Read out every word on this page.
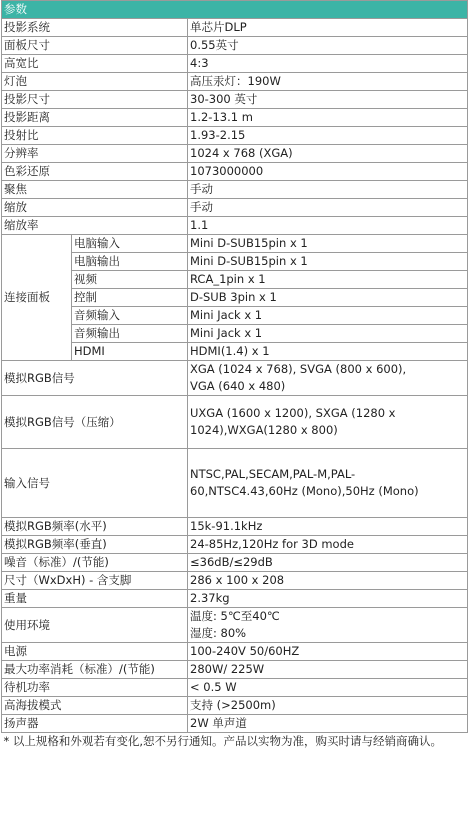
参数		
投影系统		单芯片DLP
面板尺寸		0.55英寸
高宽比		4:3
灯泡		高压汞灯：190W
投影尺寸		30-300 英寸
投影距离		1.2-13.1 m
投射比		1.93-2.15
分辨率		1024 x 768 (XGA)
色彩还原		1073000000
聚焦		手动
缩放		手动
缩放率		1.1
连接面板	电脑输入	Mini D-SUB15pin x 1
	电脑输出	Mini D-SUB15pin x 1
	视频	RCA_1pin x 1
	控制	D-SUB 3pin x 1
	音频输入	Mini Jack x 1
	音频输出	Mini Jack x 1
	HDMI	HDMI(1.4) x 1
模拟RGB信号		XGA (1024 x 768), SVGA (800 x 600),
VGA (640 x 480)

模拟RGB信号（压缩）		UXGA (1600 x 1200), SXGA (1280 x
1024),WXGA(1280 x 800)

输入信号		NTSC,PAL,SECAM,PAL-M,PAL-
60,NTSC4.43,60Hz (Mono),50Hz (Mono)

模拟RGB频率(水平)		15k-91.1kHz
模拟RGB频率(垂直)		24-85Hz,120Hz for 3D mode
噪音（标准）/(节能)		≤36dB/≤29dB
尺寸（WxDxH) - 含支脚		286 x 100 x 208
重量		2.37kg
使用环境		温度: 5℃至40℃
湿度: 80%

电源		100-240V 50/60HZ
最大功率消耗（标准）/(节能)		280W/ 225W
待机功率		< 0.5 W
高海拔模式		支持 (>2500m)
扬声器		2W 单声道
* 以上规格和外观若有变化,恕不另行通知。产品以实物为准，购买时请与经销商确认。		
